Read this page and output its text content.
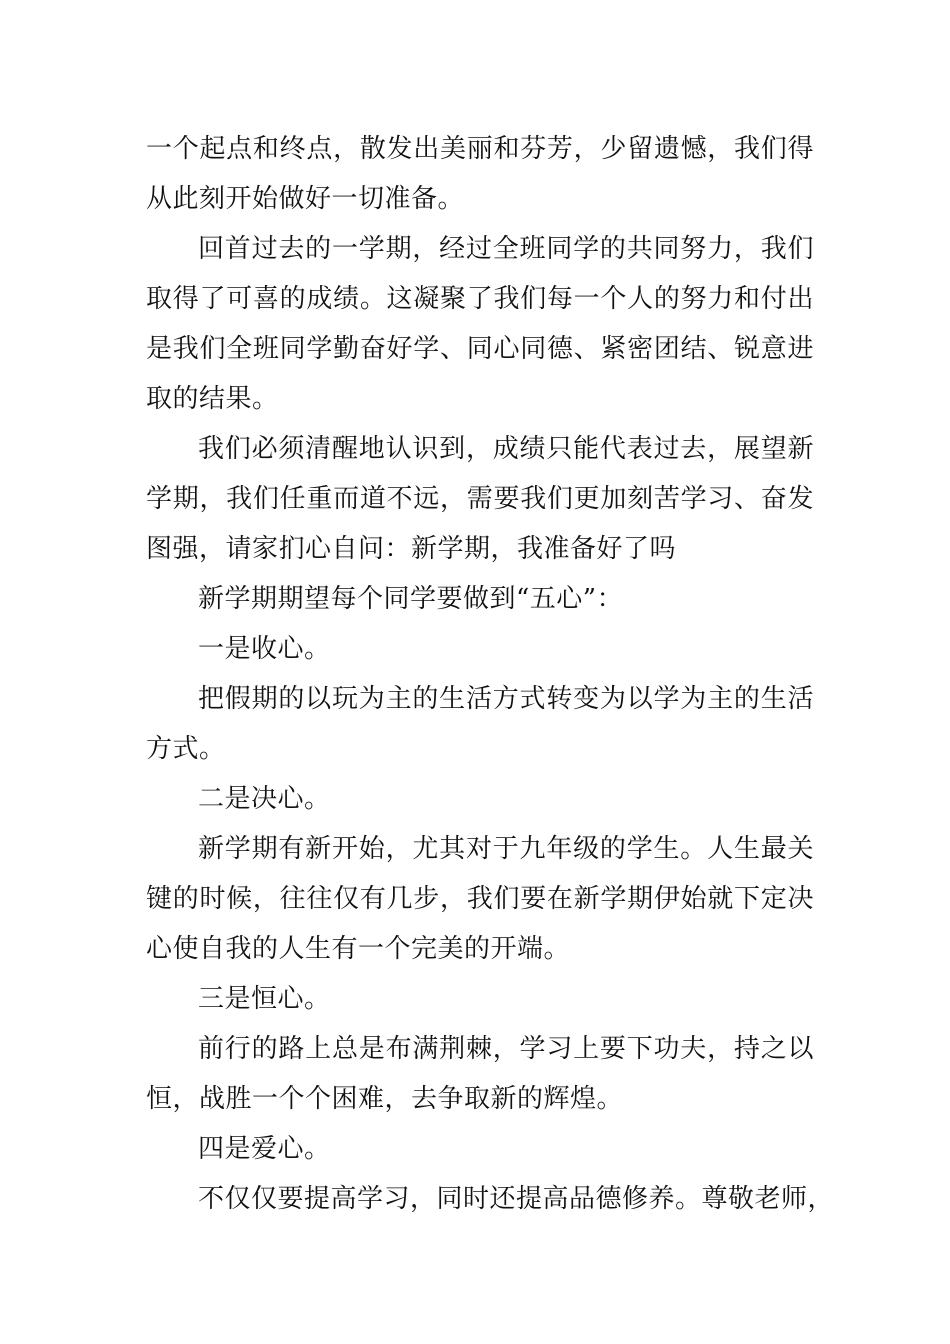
一个起点和终点，散发出美丽和芬芳，少留遗憾，我们得
从此刻开始做好一切准备。
回首过去的一学期，经过全班同学的共同努力，我们
取得了可喜的成绩。这凝聚了我们每一个人的努力和付出
是我们全班同学勤奋好学、同心同德、紧密团结、锐意进
取的结果。
我们必须清醒地认识到，成绩只能代表过去，展望新
学期，我们任重而道不远，需要我们更加刻苦学习、奋发
图强，请家扪心自问：新学期，我准备好了吗
新学期期望每个同学要做到“五心”：
一是收心。
把假期的以玩为主的生活方式转变为以学为主的生活
方式。
二是决心。
新学期有新开始，尤其对于九年级的学生。人生最关
键的时候，往往仅有几步，我们要在新学期伊始就下定决
心使自我的人生有一个完美的开端。
三是恒心。
前行的路上总是布满荆棘，学习上要下功夫，持之以
恒，战胜一个个困难，去争取新的辉煌。
四是爱心。
不仅仅要提高学习，同时还提高品德修养。尊敬老师，
